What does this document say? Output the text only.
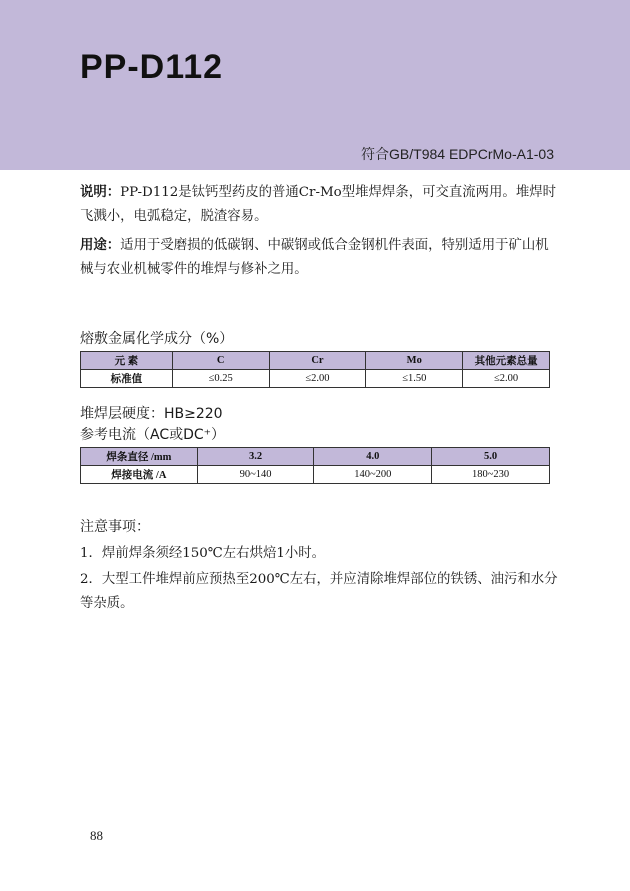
PP-D112
符合GB/T984 EDPCrMo-A1-03
说明：PP-D112是钛钙型药皮的普通Cr-Mo型堆焊焊条，可交直流两用。堆焊时飞溅小，电弧稳定，脱渣容易。
用途：适用于受磨损的低碳钢、中碳钢或低合金钢机件表面，特别适用于矿山机械与农业机械零件的堆焊与修补之用。
熔敷金属化学成分（%）
元 素	C	Cr	Mo	其他元素总量
标准值	≤0.25	≤2.00	≤1.50	≤2.00
堆焊层硬度：HB≥220
参考电流（AC或DC⁺）
焊条直径 /mm	3.2	4.0	5.0
焊接电流 /A	90~140	140~200	180~230
注意事项：
1．焊前焊条须经150℃左右烘焙1小时。
2．大型工件堆焊前应预热至200℃左右，并应清除堆焊部位的铁锈、油污和水分等杂质。
88
